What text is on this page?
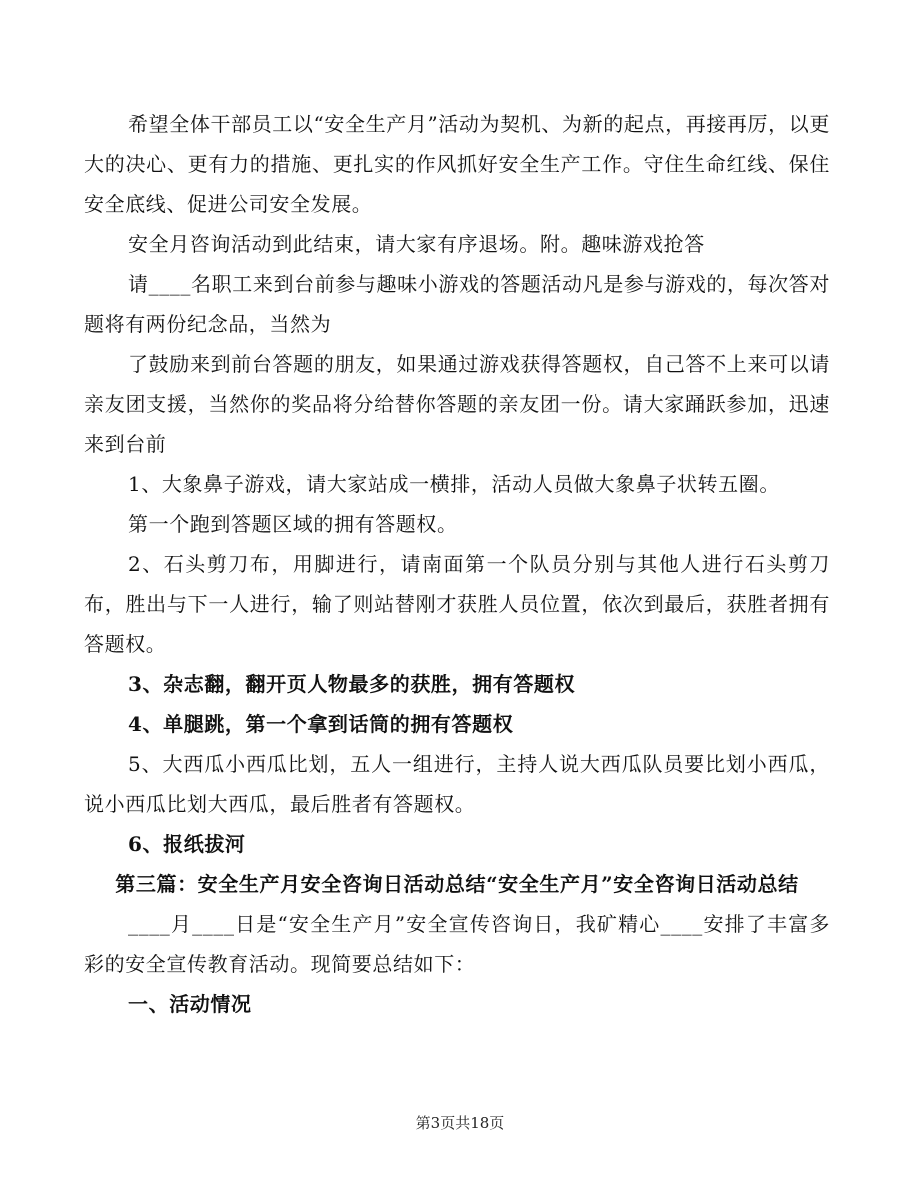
希望全体干部员工以“安全生产月”活动为契机、为新的起点，再接再厉，以更大的决心、更有力的措施、更扎实的作风抓好安全生产工作。守住生命红线、保住安全底线、促进公司安全发展。

安全月咨询活动到此结束，请大家有序退场。附。趣味游戏抢答

请____名职工来到台前参与趣味小游戏的答题活动凡是参与游戏的，每次答对题将有两份纪念品，当然为

了鼓励来到前台答题的朋友，如果通过游戏获得答题权，自己答不上来可以请亲友团支援，当然你的奖品将分给替你答题的亲友团一份。请大家踊跃参加，迅速来到台前

1、大象鼻子游戏，请大家站成一横排，活动人员做大象鼻子状转五圈。

第一个跑到答题区域的拥有答题权。

2、石头剪刀布，用脚进行，请南面第一个队员分别与其他人进行石头剪刀布，胜出与下一人进行，输了则站替刚才获胜人员位置，依次到最后，获胜者拥有答题权。

3、杂志翻，翻开页人物最多的获胜，拥有答题权

4、单腿跳，第一个拿到话筒的拥有答题权

5、大西瓜小西瓜比划，五人一组进行，主持人说大西瓜队员要比划小西瓜，说小西瓜比划大西瓜，最后胜者有答题权。

6、报纸拔河

第三篇：安全生产月安全咨询日活动总结“安全生产月”安全咨询日活动总结

____月____日是“安全生产月”安全宣传咨询日，我矿精心____安排了丰富多彩的安全宣传教育活动。现简要总结如下：

一、活动情况

第3页共18页
